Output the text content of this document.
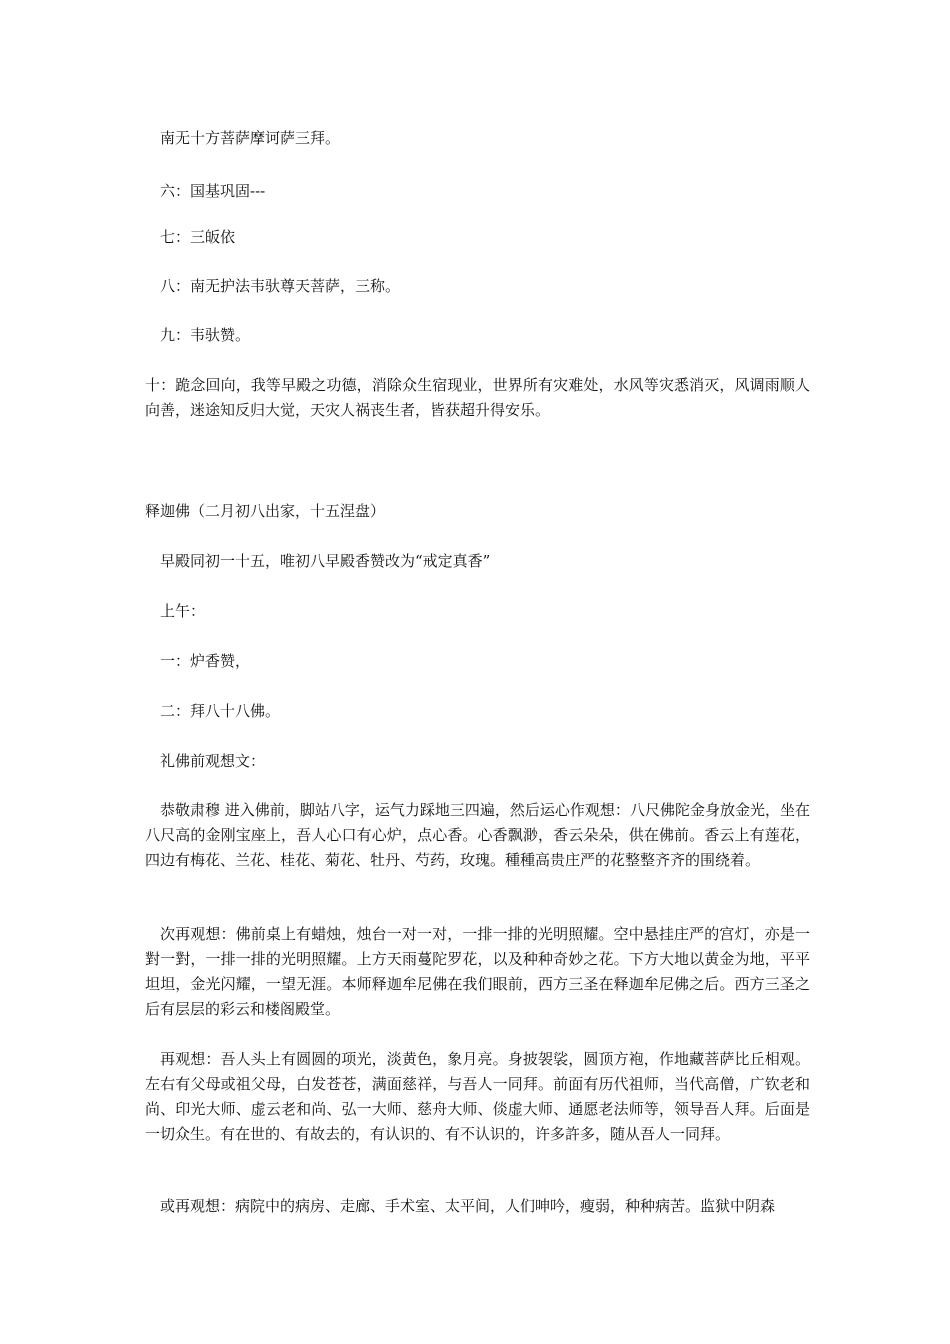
南无十方菩萨摩诃萨三拜。

六：国基巩固---

七：三皈依

八：南无护法韦驮尊天菩萨，三称。

九：韦驮赞。

十：跪念回向，我等早殿之功德，消除众生宿现业，世界所有灾难处，水风等灾悉消灭，风调雨顺人向善，迷途知反归大觉，天灾人祸丧生者，皆获超升得安乐。

释迦佛（二月初八出家，十五涅盘）

早殿同初一十五，唯初八早殿香赞改为“戒定真香”

上午：

一：炉香赞，

二：拜八十八佛。

礼佛前观想文：

恭敬肃穆 进入佛前，脚站八字，运气力踩地三四遍，然后运心作观想：八尺佛陀金身放金光，坐在八尺高的金刚宝座上，吾人心口有心炉，点心香。心香飘渺，香云朵朵，供在佛前。香云上有莲花，四边有梅花、兰花、桂花、菊花、牡丹、芍药，玫瑰。種種高贵庄严的花整整齐齐的围绕着。

次再观想：佛前桌上有蜡烛，烛台一对一对，一排一排的光明照耀。空中悬挂庄严的宫灯，亦是一對一對，一排一排的光明照耀。上方天雨蔓陀罗花，以及种种奇妙之花。下方大地以黄金为地，平平坦坦，金光闪耀，一望无涯。本师释迦牟尼佛在我们眼前，西方三圣在释迦牟尼佛之后。西方三圣之后有层层的彩云和楼阁殿堂。

再观想：吾人头上有圆圆的项光，淡黄色，象月亮。身披袈裟，圆顶方袍，作地藏菩萨比丘相观。左右有父母或祖父母，白发苍苍，满面慈祥，与吾人一同拜。前面有历代祖师，当代高僧，广钦老和尚、印光大师、虚云老和尚、弘一大师、慈舟大师、倓虚大师、通愿老法师等，领导吾人拜。后面是一切众生。有在世的、有故去的，有认识的、有不认识的，许多許多，随从吾人一同拜。

或再观想：病院中的病房、走廊、手术室、太平间，人们呻吟，瘦弱，种种病苦。监狱中阴森
